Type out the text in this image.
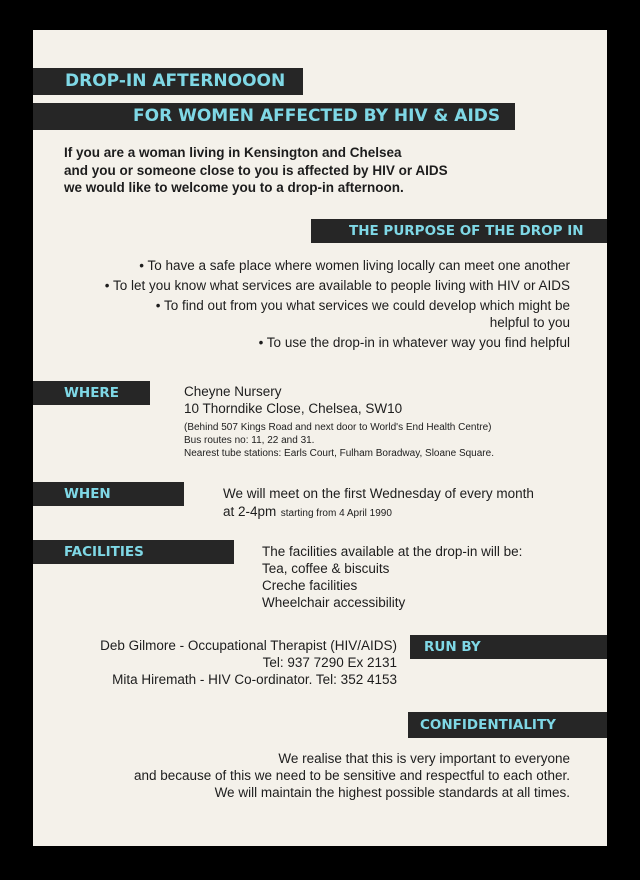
DROP-IN AFTERNOOON
FOR WOMEN AFFECTED BY HIV & AIDS
If you are a woman living in Kensington and Chelsea
and you or someone close to you is affected by HIV or AIDS
we would like to welcome you to a drop-in afternoon.
THE PURPOSE OF THE DROP IN
• To have a safe place where women living locally can meet one another
• To let you know what services are available to people living with HIV or AIDS
• To find out from you what services we could develop which might be
helpful to you
• To use the drop-in in whatever way you find helpful
WHERE	Cheyne Nursery
10 Thorndike Close, Chelsea, SW10
(Behind 507 Kings Road and next door to World's End Health Centre)
Bus routes no: 11, 22 and 31.
Nearest tube stations: Earls Court, Fulham Boradway, Sloane Square.
WHEN	We will meet on the first Wednesday of every month
at 2-4pm starting from 4 April 1990
FACILITIES	The facilities available at the drop-in will be:
Tea, coffee & biscuits
Creche facilities
Wheelchair accessibility
RUN BY
Deb Gilmore - Occupational Therapist (HIV/AIDS)
Tel: 937 7290 Ex 2131
Mita Hiremath - HIV Co-ordinator. Tel: 352 4153
CONFIDENTIALITY
We realise that this is very important to everyone
and because of this we need to be sensitive and respectful to each other.
We will maintain the highest possible standards at all times.
